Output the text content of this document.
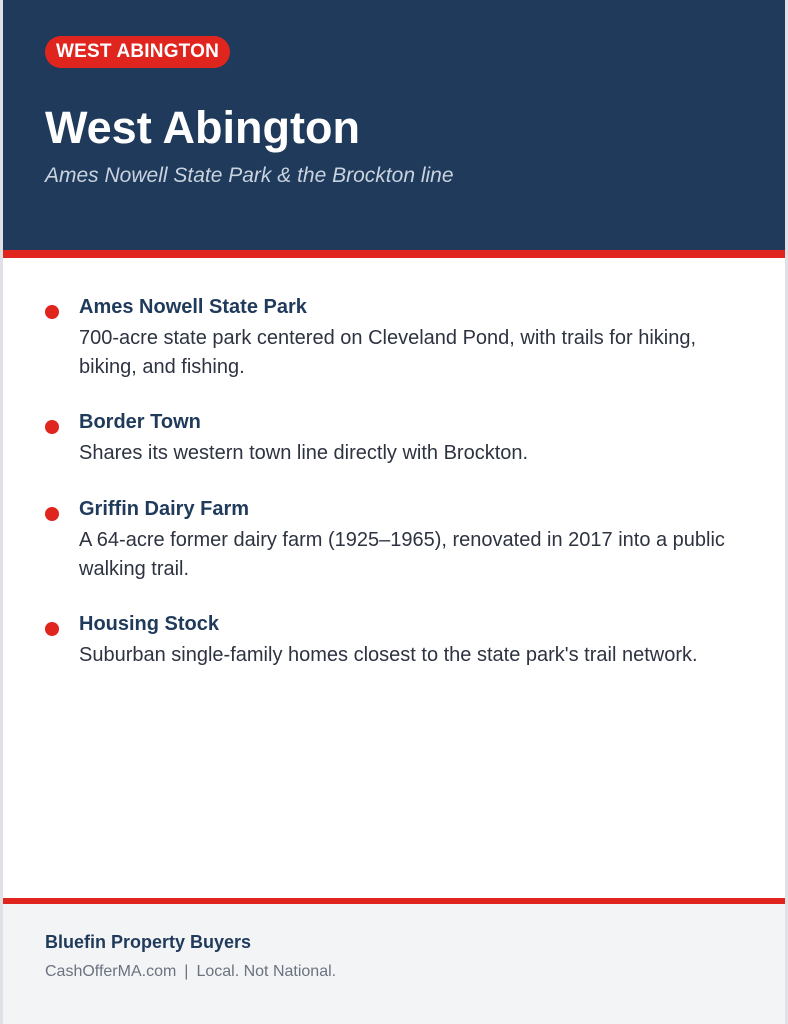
WEST ABINGTON
West Abington
Ames Nowell State Park & the Brockton line
Ames Nowell State Park
700-acre state park centered on Cleveland Pond, with trails for hiking, biking, and fishing.
Border Town
Shares its western town line directly with Brockton.
Griffin Dairy Farm
A 64-acre former dairy farm (1925–1965), renovated in 2017 into a public walking trail.
Housing Stock
Suburban single-family homes closest to the state park's trail network.
Bluefin Property Buyers
CashOfferMA.com | Local. Not National.
